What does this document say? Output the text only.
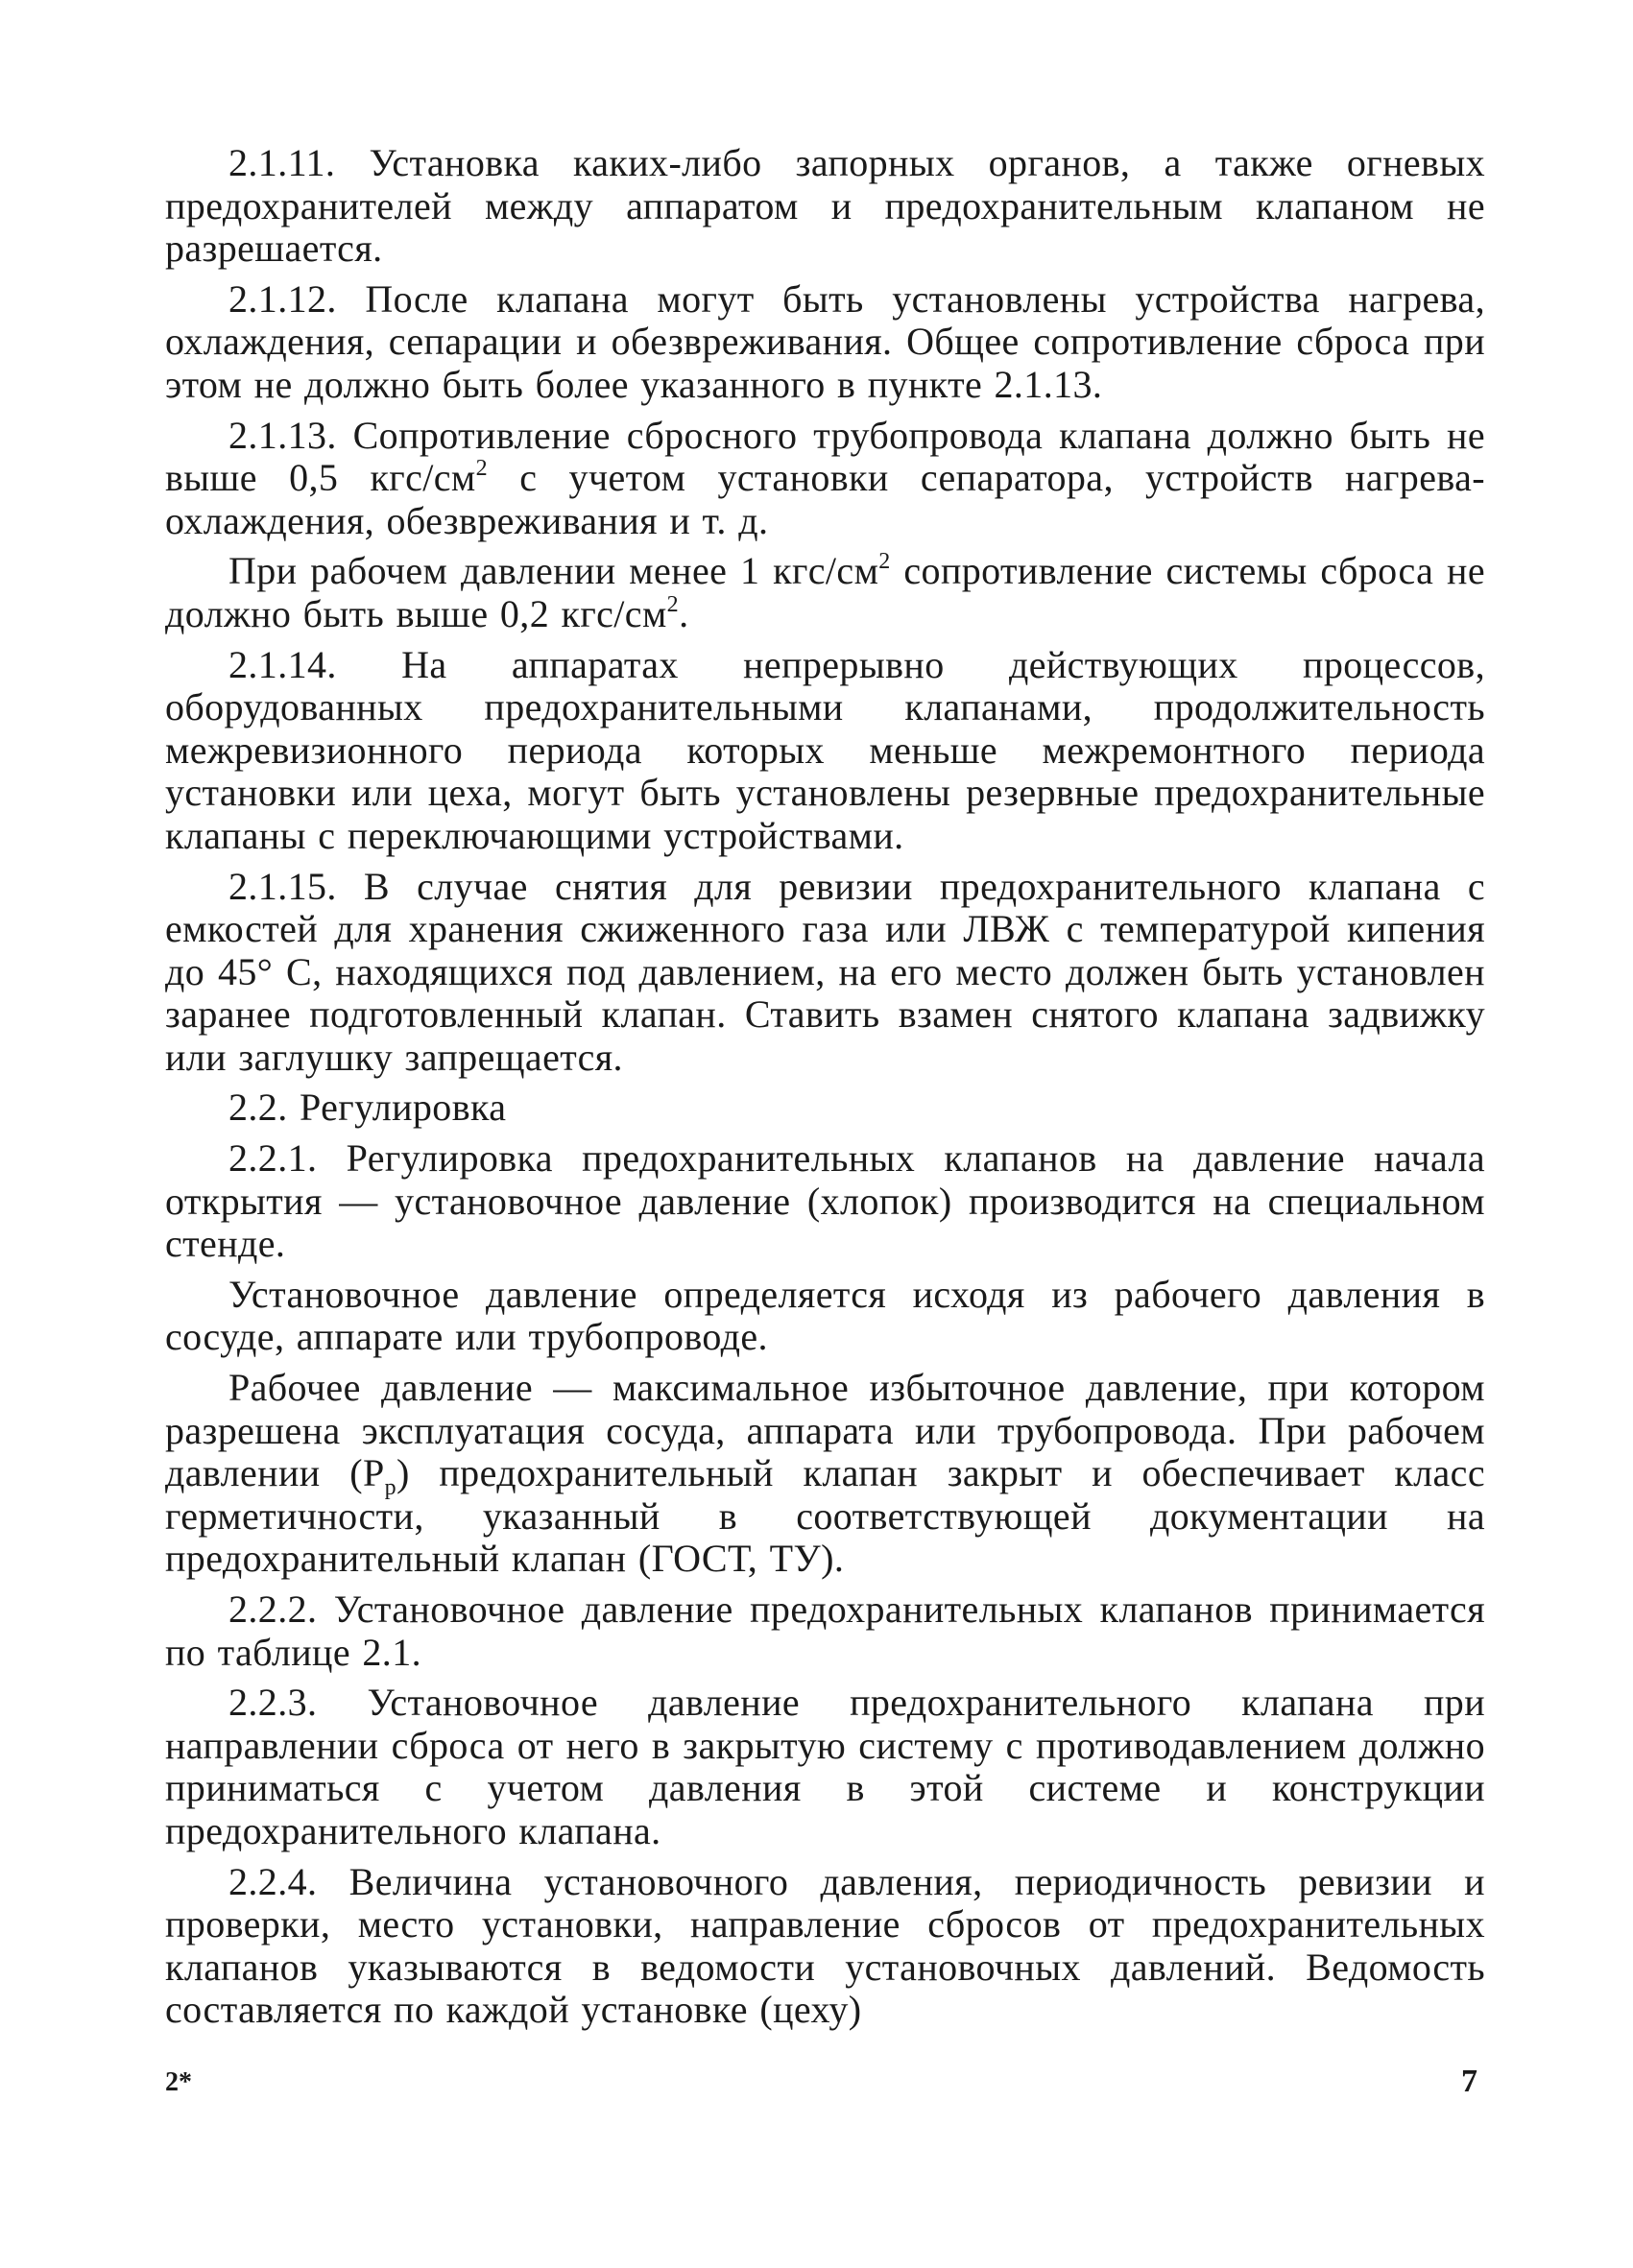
2.1.11. Установка каких-либо запорных органов, а также огневых предохранителей между аппаратом и предохранительным клапаном не разрешается.

2.1.12. После клапана могут быть установлены устройства нагрева, охлаждения, сепарации и обезвреживания. Общее сопротивление сброса при этом не должно быть более указанного в пункте 2.1.13.

2.1.13. Сопротивление сбросного трубопровода клапана должно быть не выше 0,5 кгс/$см^2$ с учетом установки сепаратора, устройств нагрева-охлаждения, обезвреживания и т. д.

При рабочем давлении менее 1 кгс/$см^2$ сопротивление системы сброса не должно быть выше 0,2 кгс/$см^2$.

2.1.14. На аппаратах непрерывно действующих процессов, оборудованных предохранительными клапанами, продолжительность межревизионного периода которых меньше межремонтного периода установки или цеха, могут быть установлены резервные предохранительные клапаны с переключающими устройствами.

2.1.15. В случае снятия для ревизии предохранительного клапана с емкостей для хранения сжиженного газа или ЛВЖ с температурой кипения до 45° С, находящихся под давлением, на его место должен быть установлен заранее подготовленный клапан. Ставить взамен снятого клапана задвижку или заглушку запрещается.

2.2. Регулировка

2.2.1. Регулировка предохранительных клапанов на давление начала открытия — установочное давление (хлопок) производится на специальном стенде.

Установочное давление определяется исходя из рабочего давления в сосуде, аппарате или трубопроводе.

Рабочее давление — максимальное избыточное давление, при котором разрешена эксплуатация сосуда, аппарата или трубопровода. При рабочем давлении $(P_р)$ предохранительный клапан закрыт и обеспечивает класс герметичности, указанный в соответствующей документации на предохранительный клапан (ГОСТ, ТУ).

2.2.2. Установочное давление предохранительных клапанов принимается по таблице 2.1.

2.2.3. Установочное давление предохранительного клапана при направлении сброса от него в закрытую систему с противодавлением должно приниматься с учетом давления в этой системе и конструкции предохранительного клапана.

2.2.4. Величина установочного давления, периодичность ревизии и проверки, место установки, направление сбросов от предохранительных клапанов указываются в ведомости установочных давлений. Ведомость составляется по каждой установке (цеху)

2*	7
